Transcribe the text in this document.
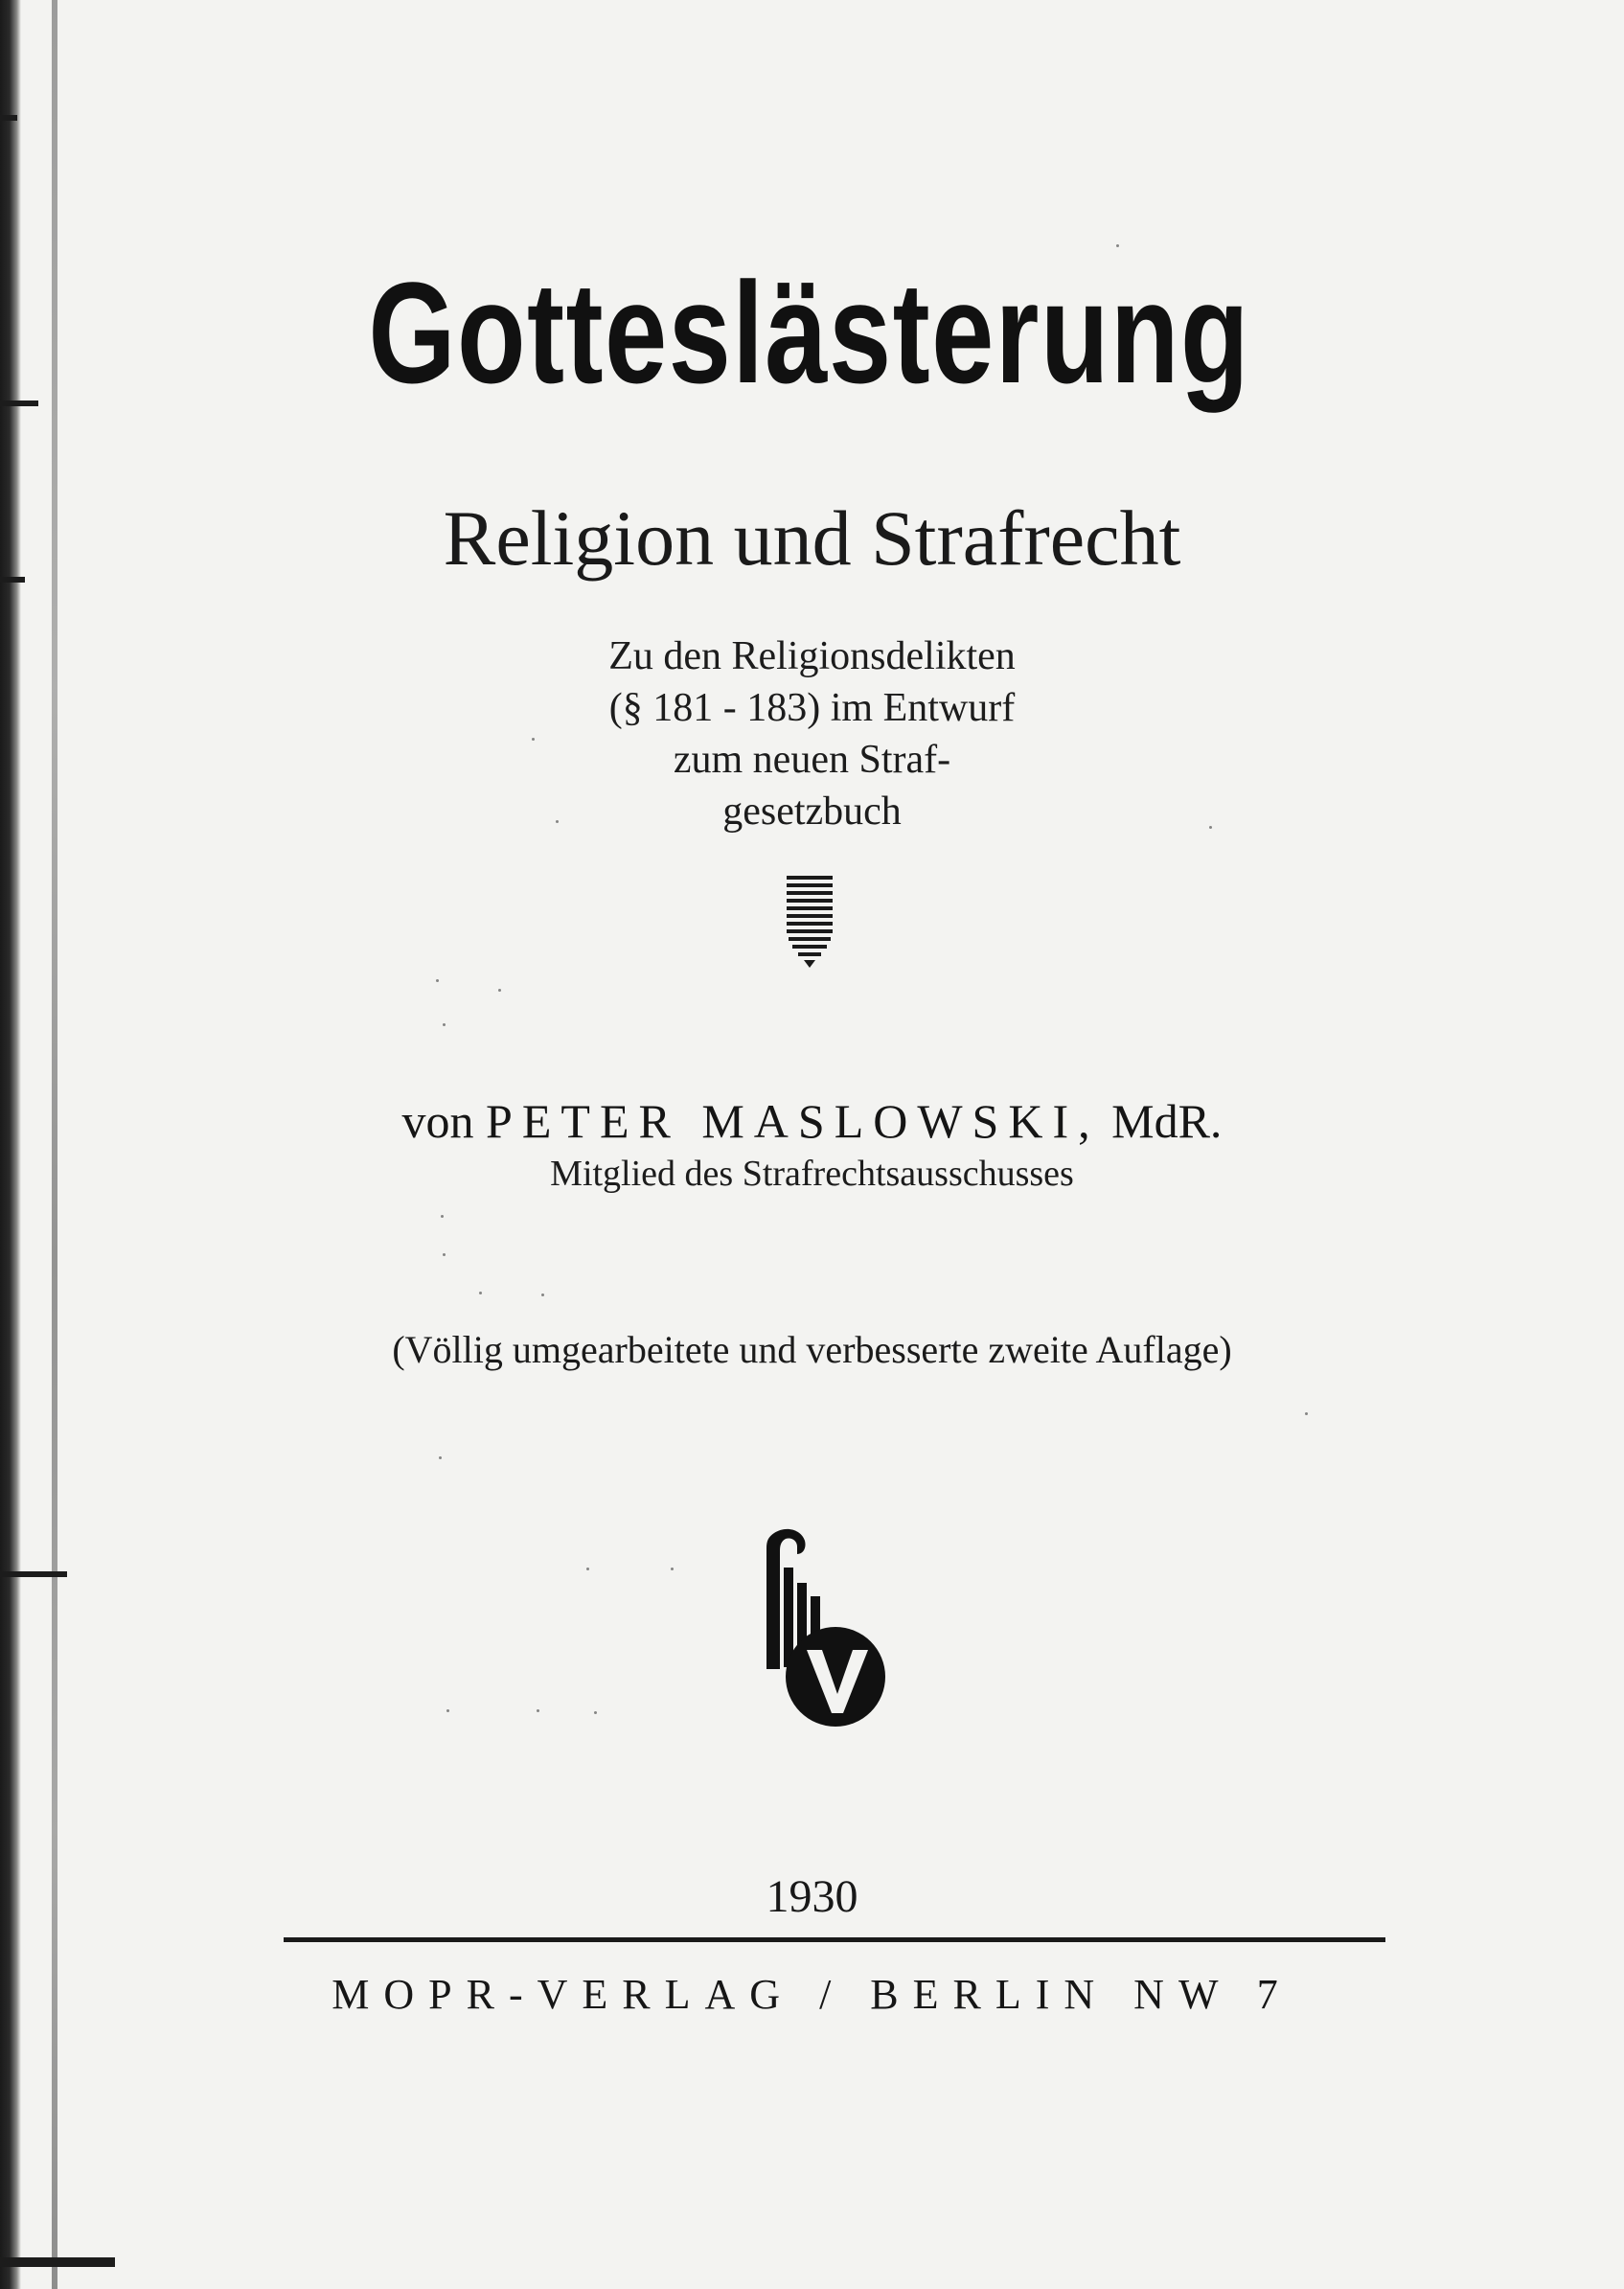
Gotteslästerung
Religion und Strafrecht
Zu den Religionsdelikten
(§ 181 - 183) im Entwurf
zum neuen Straf-
gesetzbuch
von PETER MASLOWSKI, MdR.
Mitglied des Strafrechtsausschusses
(Völlig umgearbeitete und verbesserte zweite Auflage)
1930
MOPR-VERLAG / BERLIN NW 7
